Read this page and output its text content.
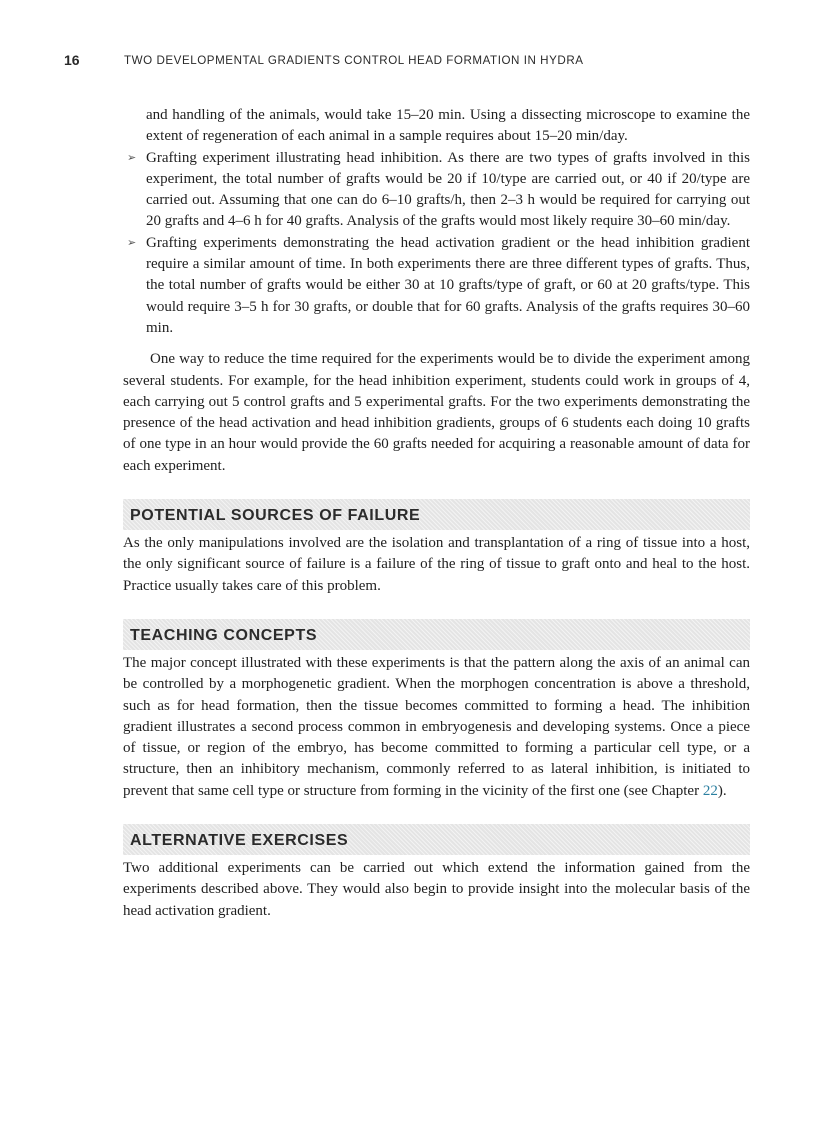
16	TWO DEVELOPMENTAL GRADIENTS CONTROL HEAD FORMATION IN HYDRA
and handling of the animals, would take 15–20 min. Using a dissecting microscope to examine the extent of regeneration of each animal in a sample requires about 15–20 min/day.
➢ Grafting experiment illustrating head inhibition. As there are two types of grafts involved in this experiment, the total number of grafts would be 20 if 10/type are carried out, or 40 if 20/type are carried out. Assuming that one can do 6–10 grafts/h, then 2–3 h would be required for carrying out 20 grafts and 4–6 h for 40 grafts. Analysis of the grafts would most likely require 30–60 min/day.
➢ Grafting experiments demonstrating the head activation gradient or the head inhibition gradient require a similar amount of time. In both experiments there are three different types of grafts. Thus, the total number of grafts would be either 30 at 10 grafts/type of graft, or 60 at 20 grafts/type. This would require 3–5 h for 30 grafts, or double that for 60 grafts. Analysis of the grafts requires 30–60 min.

One way to reduce the time required for the experiments would be to divide the experiment among several students. For example, for the head inhibition experiment, students could work in groups of 4, each carrying out 5 control grafts and 5 experimental grafts. For the two experiments demonstrating the presence of the head activation and head inhibition gradients, groups of 6 students each doing 10 grafts of one type in an hour would provide the 60 grafts needed for acquiring a reasonable amount of data for each experiment.

POTENTIAL SOURCES OF FAILURE

As the only manipulations involved are the isolation and transplantation of a ring of tissue into a host, the only significant source of failure is a failure of the ring of tissue to graft onto and heal to the host. Practice usually takes care of this problem.

TEACHING CONCEPTS

The major concept illustrated with these experiments is that the pattern along the axis of an animal can be controlled by a morphogenetic gradient. When the morphogen concentration is above a threshold, such as for head formation, then the tissue becomes committed to forming a head. The inhibition gradient illustrates a second process common in embryogenesis and developing systems. Once a piece of tissue, or region of the embryo, has become committed to forming a particular cell type, or a structure, then an inhibitory mechanism, commonly referred to as lateral inhibition, is initiated to prevent that same cell type or structure from forming in the vicinity of the first one (see Chapter 22).

ALTERNATIVE EXERCISES

Two additional experiments can be carried out which extend the information gained from the experiments described above. They would also begin to provide insight into the molecular basis of the head activation gradient.
